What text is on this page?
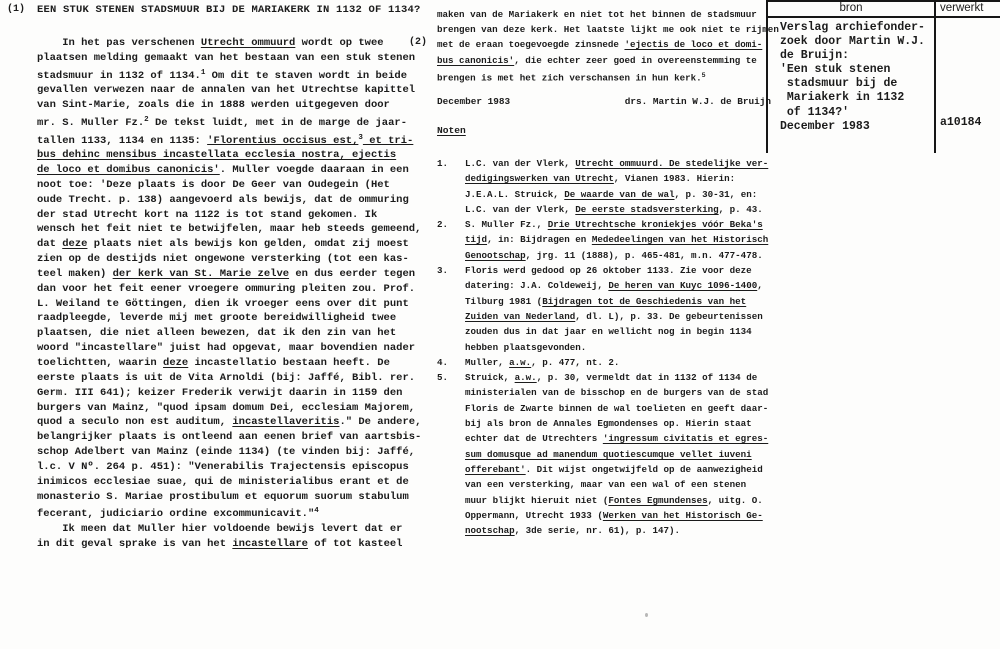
(1) EEN STUK STENEN STADSMUUR BIJ DE MARIAKERK IN 1132 OF 1134?
In het pas verschenen Utrecht ommuurd wordt op twee
plaatsen melding gemaakt van het bestaan van een stuk stenen
stadsmuur in 1132 of 1134.$^1$ Om dit te staven wordt in beide
gevallen verwezen naar de annalen van het Utrechtse kapittel
van Sint-Marie, zoals die in 1888 werden uitgegeven door
mr. S. Muller Fz.$^2$ De tekst luidt, met in de marge de jaar-
tallen 1133, 1134 en 1135: 'Florentius occisus est,$^3$ et tri-
bus dehinc mensibus incastellata ecclesia nostra, ejectis
de loco et domibus canonicis'. Muller voegde daaraan in een
noot toe: 'Deze plaats is door De Geer van Oudegein (Het
oude Trecht. p. 138) aangevoerd als bewijs, dat de ommuring
der stad Utrecht kort na 1122 is tot stand gekomen. Ik
wensch het feit niet te betwijfelen, maar heb steeds gemeend,
dat deze plaats niet als bewijs kon gelden, omdat zij moest
zien op de destijds niet ongewone versterking (tot een kas-
teel maken) der kerk van St. Marie zelve en dus eerder tegen
dan voor het feit eener vroegere ommuring pleiten zou. Prof.
L. Weiland te Göttingen, dien ik vroeger eens over dit punt
raadpleegde, leverde mij met groote bereidwilligheid twee
plaatsen, die niet alleen bewezen, dat ik den zin van het
woord "incastellare" juist had opgevat, maar bovendien nader
toelichtten, waarin deze incastellatio bestaan heeft. De
eerste plaats is uit de Vita Arnoldi (bij: Jaffé, Bibl. rer.
Germ. III 641); keizer Frederik verwijt daarin in 1159 den
burgers van Mainz, "quod ipsam domum Dei, ecclesiam Majorem,
quod a seculo non est auditum, incastellaveritis." De andere,
belangrijker plaats is ontleend aan eenen brief van aartsbis-
schop Adelbert van Mainz (einde 1134) (te vinden bij: Jaffé,
l.c. V Nº. 264 p. 451): "Venerabilis Trajectensis episcopus
inimicos ecclesiae suae, qui de ministerialibus erant et de
monasterio S. Mariae prostibulum et equorum suorum stabulum
fecerant, judiciario ordine excommunicavit."$^4$
Ik meen dat Muller hier voldoende bewijs levert dat er
in dit geval sprake is van het incastellare of tot kasteel
(2)
maken van de Mariakerk en niet tot het binnen de stadsmuur
brengen van deze kerk. Het laatste lijkt me ook niet te rijmen
met de eraan toegevoegde zinsnede 'ejectis de loco et domi-
bus canonicis', die echter zeer goed in overeenstemming te
brengen is met het zich verschansen in hun kerk.$^5$
December 1983	drs. Martin W.J. de Bruijn
Noten
1.	L.C. van der Vlerk, Utrecht ommuurd. De stedelijke ver-
dedigingswerken van Utrecht, Vianen 1983. Hierin:
J.E.A.L. Struick, De waarde van de wal, p. 30-31, en:
L.C. van der Vlerk, De eerste stadsversterking, p. 43.
2.	S. Muller Fz., Drie Utrechtsche kroniekjes vóór Beka's
tijd, in: Bijdragen en Mededeelingen van het Historisch
Genootschap, jrg. 11 (1888), p. 465-481, m.n. 477-478.
3.	Floris werd gedood op 26 oktober 1133. Zie voor deze
datering: J.A. Coldeweij, De heren van Kuyc 1096-1400,
Tilburg 1981 (Bijdragen tot de Geschiedenis van het
Zuiden van Nederland, dl. L), p. 33. De gebeurtenissen
zouden dus in dat jaar en wellicht nog in begin 1134
hebben plaatsgevonden.
4.	Muller, a.w., p. 477, nt. 2.
5.	Struick, a.w., p. 30, vermeldt dat in 1132 of 1134 de
ministerialen van de bisschop en de burgers van de stad
Floris de Zwarte binnen de wal toelieten en geeft daar-
bij als bron de Annales Egmondenses op. Hierin staat
echter dat de Utrechters 'ingressum civitatis et egres-
sum domusque ad manendum quotiescumque vellet iuveni
offerebant'. Dit wijst ongetwijfeld op de aanwezigheid
van een versterking, maar van een wal of een stenen
muur blijkt hieruit niet (Fontes Egmundenses, uitg. O.
Oppermann, Utrecht 1933 (Werken van het Historisch Ge-
nootschap, 3de serie, nr. 61), p. 147).
bron	verwerkt
Verslag archiefonder-
zoek door Martin W.J.
de Bruijn:
'Een stuk stenen
stadsmuur bij de
Mariakerk in 1132
of 1134?'
December 1983	a10184
